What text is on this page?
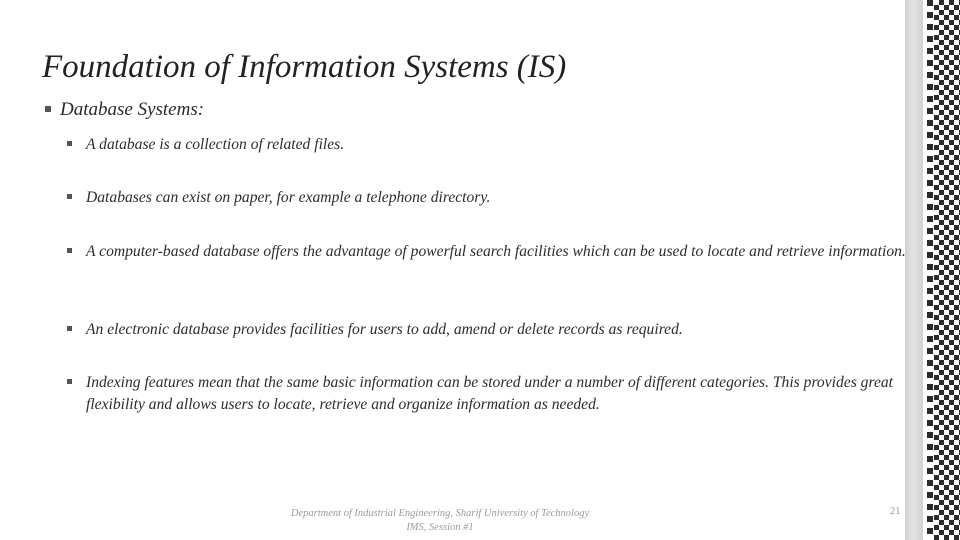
Foundation of Information Systems (IS)
Database Systems:
A database is a collection of related files.
Databases can exist on paper, for example a telephone directory.
A computer-based database offers the advantage of powerful search facilities which can be used to locate and retrieve information.
An electronic database provides facilities for users to add, amend or delete records as required.
Indexing features mean that the same basic information can be stored under a number of different categories. This provides great flexibility and allows users to locate, retrieve and organize information as needed.
Department of Industrial Engineering, Sharif University of Technology
IMS, Session #1
21
